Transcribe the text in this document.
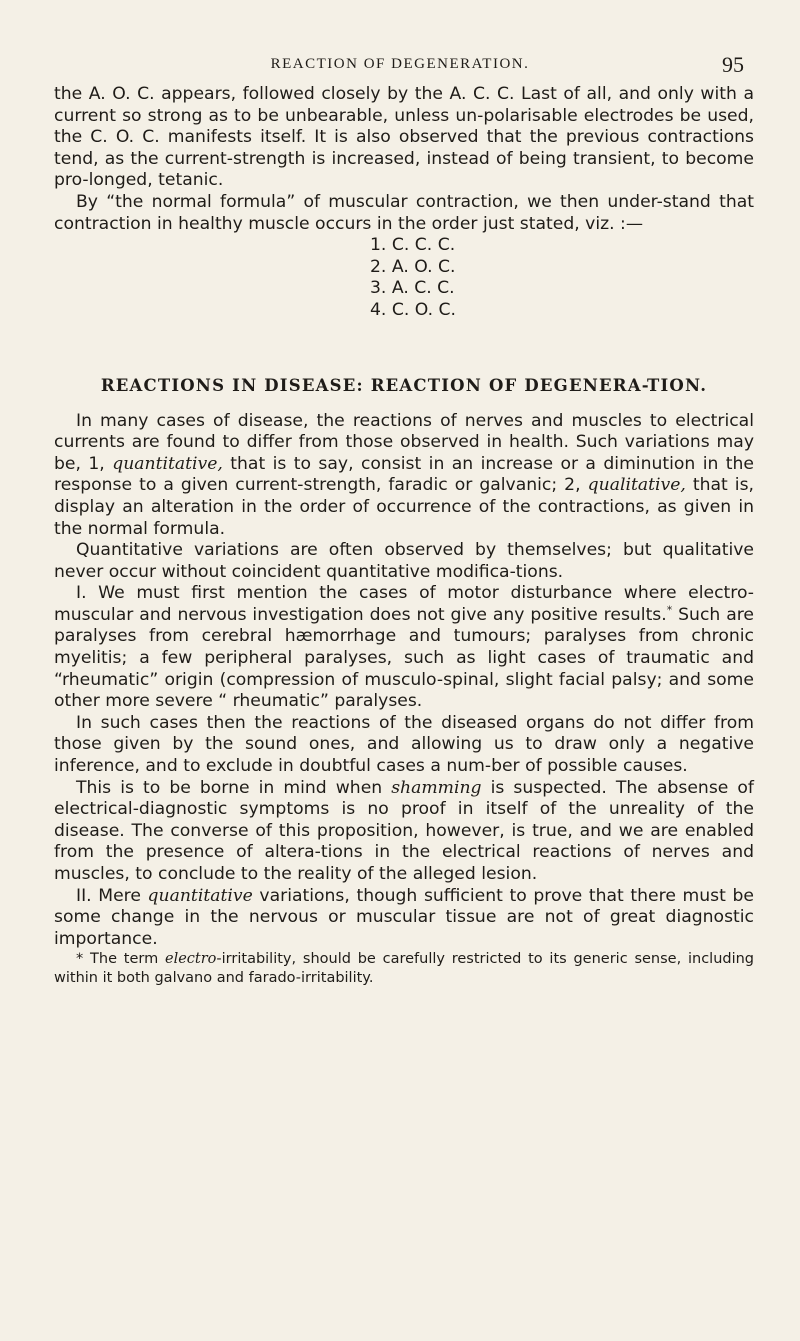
REACTION OF DEGENERATION.	95

the A. O. C. appears, followed closely by the A. C. C. Last of all, and only with a current so strong as to be unbearable, unless un-polarisable electrodes be used, the C. O. C. manifests itself. It is also observed that the previous contractions tend, as the current-strength is increased, instead of being transient, to become pro-longed, tetanic.

By “the normal formula” of muscular contraction, we then under-stand that contraction in healthy muscle occurs in the order just stated, viz. :—

1. C. C. C.
2. A. O. C.
3. A. C. C.
4. C. O. C.
REACTIONS IN DISEASE: REACTION OF DEGENERA-TION.

In many cases of disease, the reactions of nerves and muscles to electrical currents are found to differ from those observed in health. Such variations may be, 1, quantitative, that is to say, consist in an increase or a diminution in the response to a given current-strength, faradic or galvanic; 2, qualitative, that is, display an alteration in the order of occurrence of the contractions, as given in the normal formula.

Quantitative variations are often observed by themselves; but qualitative never occur without coincident quantitative modifica-tions.

I. We must first mention the cases of motor disturbance where electro-muscular and nervous investigation does not give any positive results.* Such are paralyses from cerebral hæmorrhage and tumours; paralyses from chronic myelitis; a few peripheral paralyses, such as light cases of traumatic and “rheumatic” origin (compression of musculo-spinal, slight facial palsy; and some other more severe “ rheumatic” paralyses.

In such cases then the reactions of the diseased organs do not differ from those given by the sound ones, and allowing us to draw only a negative inference, and to exclude in doubtful cases a num-ber of possible causes.

This is to be borne in mind when shamming is suspected. The absense of electrical-diagnostic symptoms is no proof in itself of the unreality of the disease. The converse of this proposition, however, is true, and we are enabled from the presence of altera-tions in the electrical reactions of nerves and muscles, to conclude to the reality of the alleged lesion.

II. Mere quantitative variations, though sufficient to prove that there must be some change in the nervous or muscular tissue are not of great diagnostic importance.

* The term electro-irritability, should be carefully restricted to its generic sense, including within it both galvano and farado-irritability.
